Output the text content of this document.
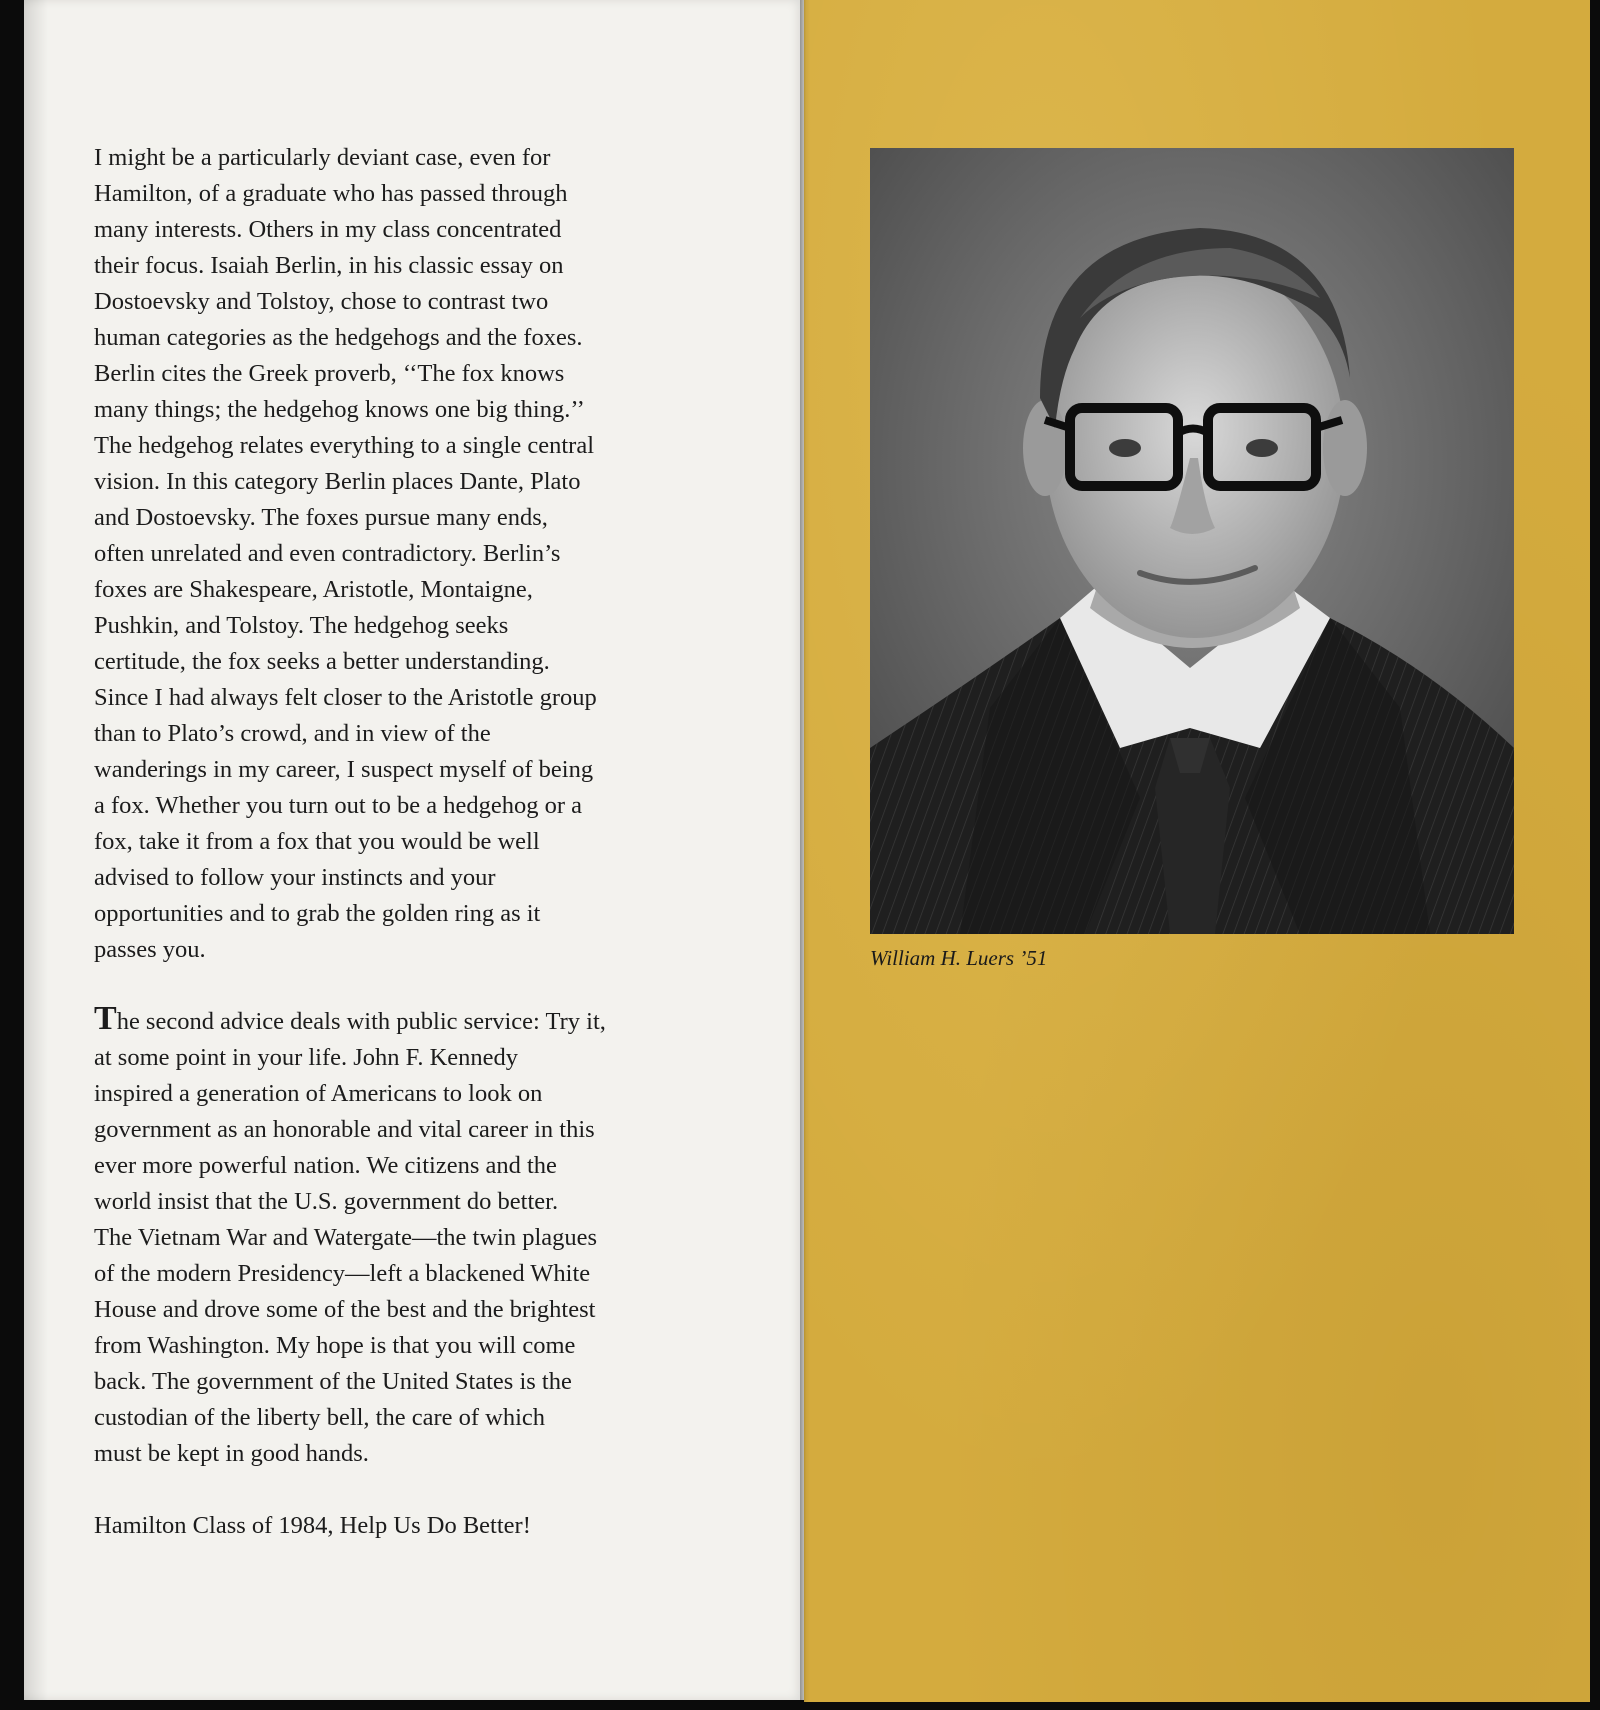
I might be a particularly deviant case, even for
Hamilton, of a graduate who has passed through
many interests. Others in my class concentrated
their focus. Isaiah Berlin, in his classic essay on
Dostoevsky and Tolstoy, chose to contrast two
human categories as the hedgehogs and the foxes.
Berlin cites the Greek proverb, ‘‘The fox knows
many things; the hedgehog knows one big thing.’’
The hedgehog relates everything to a single central
vision. In this category Berlin places Dante, Plato
and Dostoevsky. The foxes pursue many ends,
often unrelated and even contradictory. Berlin’s
foxes are Shakespeare, Aristotle, Montaigne,
Pushkin, and Tolstoy. The hedgehog seeks
certitude, the fox seeks a better understanding.
Since I had always felt closer to the Aristotle group
than to Plato’s crowd, and in view of the
wanderings in my career, I suspect myself of being
a fox. Whether you turn out to be a hedgehog or a
fox, take it from a fox that you would be well
advised to follow your instincts and your
opportunities and to grab the golden ring as it
passes you.

The second advice deals with public service: Try it,
at some point in your life. John F. Kennedy
inspired a generation of Americans to look on
government as an honorable and vital career in this
ever more powerful nation. We citizens and the
world insist that the U.S. government do better.
The Vietnam War and Watergate—the twin plagues
of the modern Presidency—left a blackened White
House and drove some of the best and the brightest
from Washington. My hope is that you will come
back. The government of the United States is the
custodian of the liberty bell, the care of which
must be kept in good hands.

Hamilton Class of 1984, Help Us Do Better!

William H. Luers ’51
